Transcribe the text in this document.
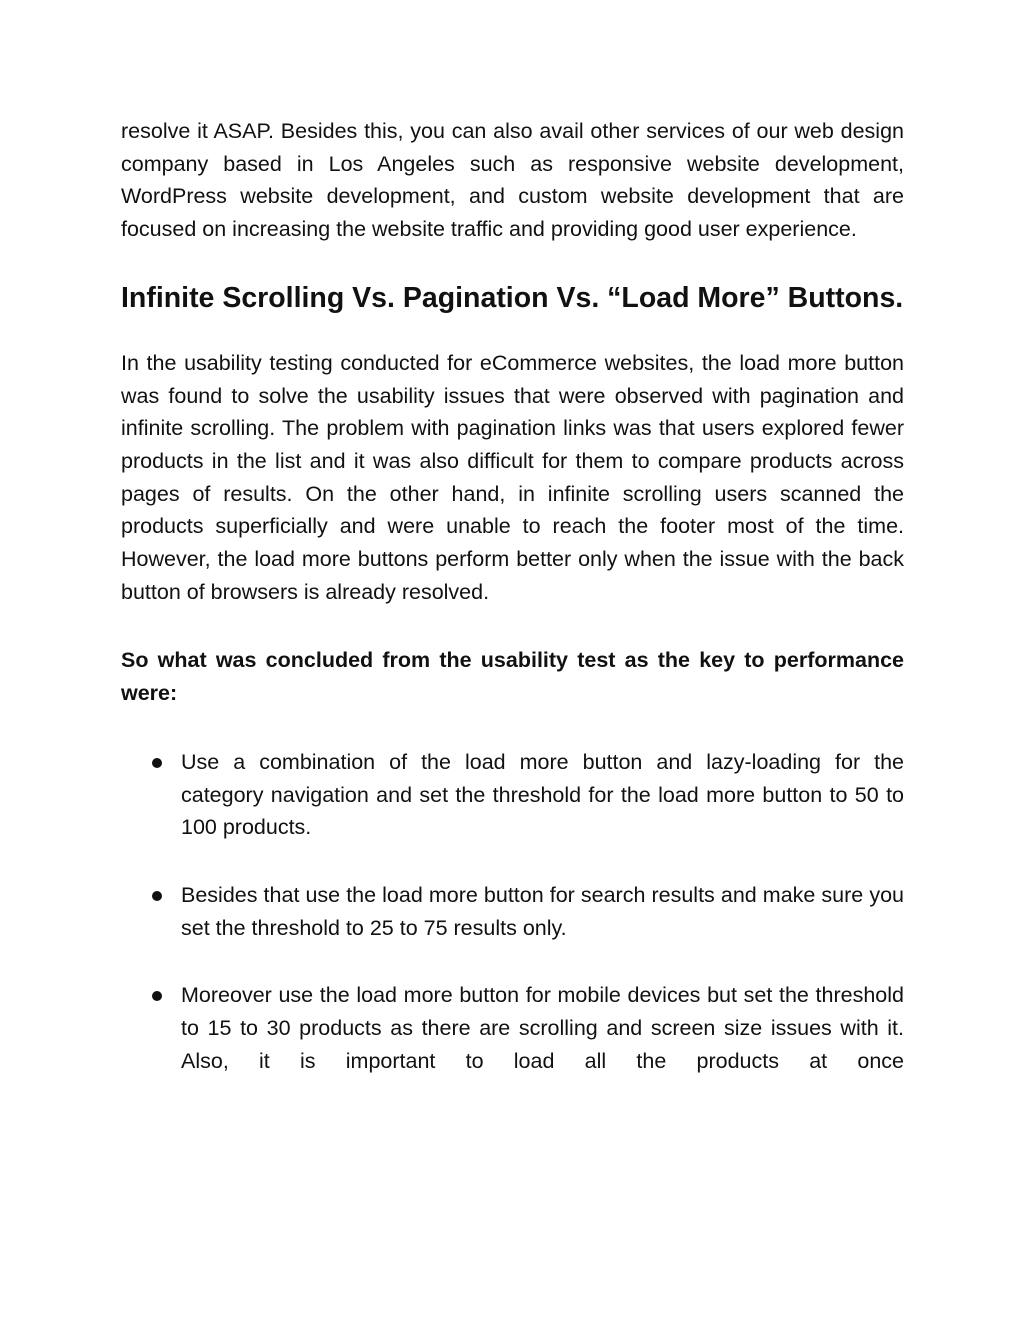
resolve it ASAP. Besides this, you can also avail other services of our web design company based in Los Angeles such as responsive website development, WordPress website development, and custom website development that are focused on increasing the website traffic and providing good user experience.

Infinite Scrolling Vs. Pagination Vs. “Load More” Buttons.

In the usability testing conducted for eCommerce websites, the load more button was found to solve the usability issues that were observed with pagination and infinite scrolling. The problem with pagination links was that users explored fewer products in the list and it was also difficult for them to compare products across pages of results. On the other hand, in infinite scrolling users scanned the products superficially and were unable to reach the footer most of the time. However, the load more buttons perform better only when the issue with the back button of browsers is already resolved.

So what was concluded from the usability test as the key to performance were:

Use a combination of the load more button and lazy-loading for the category navigation and set the threshold for the load more button to 50 to 100 products.
Besides that use the load more button for search results and make sure you set the threshold to 25 to 75 results only.
Moreover use the load more button for mobile devices but set the threshold to 15 to 30 products as there are scrolling and screen size issues with it. Also, it is important to load all the products at once
